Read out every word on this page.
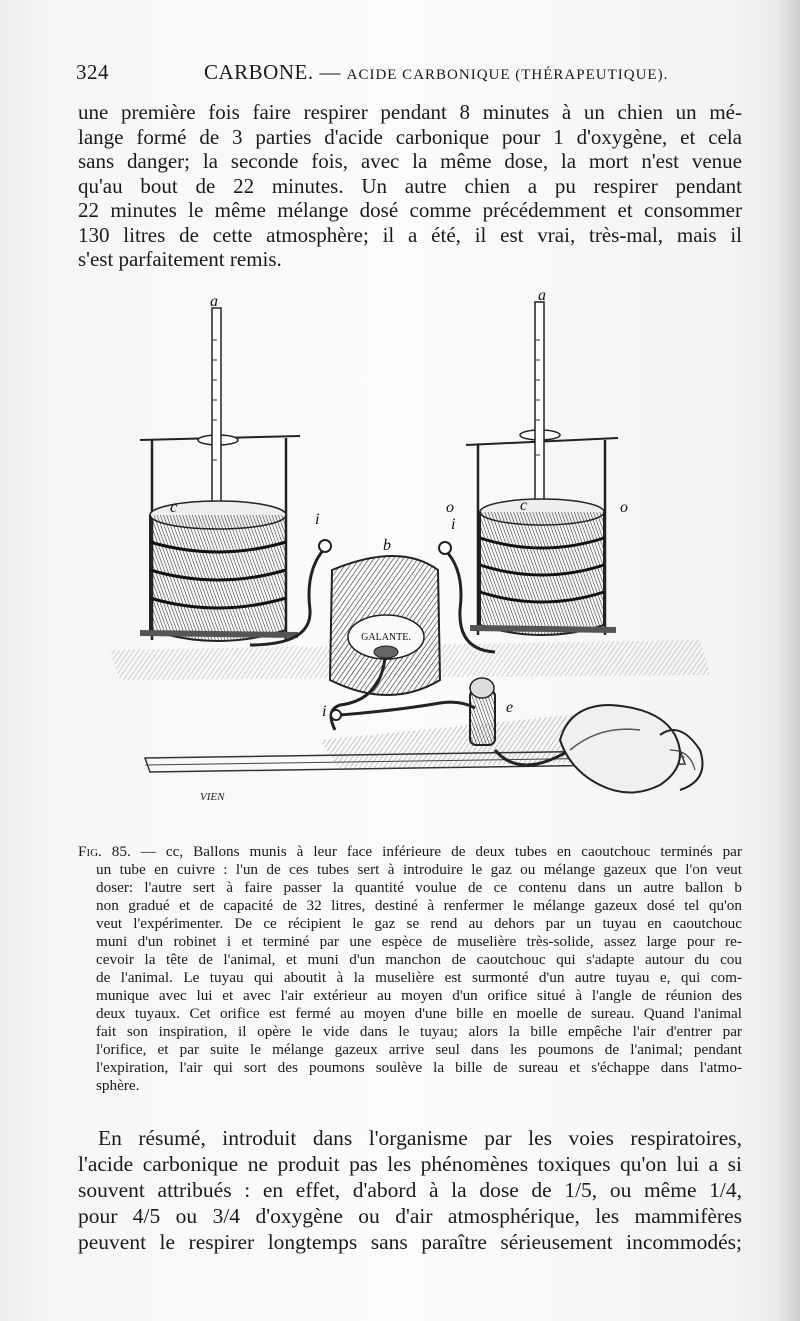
324	CARBONE. — ACIDE CARBONIQUE (THÉRAPEUTIQUE).
une première fois faire respirer pendant 8 minutes à un chien un mé-
lange formé de 3 parties d'acide carbonique pour 1 d'oxygène, et cela
sans danger; la seconde fois, avec la même dose, la mort n'est venue
qu'au bout de 22 minutes. Un autre chien a pu respirer pendant
22 minutes le même mélange dosé comme précédemment et consommer
130 litres de cette atmosphère; il a été, il est vrai, très-mal, mais il
s'est parfaitement remis.
a	a
c	c
o	o
i	i
i
b
e
GALANTE.
VIEN
Fig. 85. — cc, Ballons munis à leur face inférieure de deux tubes en caoutchouc terminés par
un tube en cuivre : l'un de ces tubes sert à introduire le gaz ou mélange gazeux que l'on veut
doser: l'autre sert à faire passer la quantité voulue de ce contenu dans un autre ballon b
non gradué et de capacité de 32 litres, destiné à renfermer le mélange gazeux dosé tel qu'on
veut l'expérimenter. De ce récipient le gaz se rend au dehors par un tuyau en caoutchouc
muni d'un robinet i et terminé par une espèce de muselière très-solide, assez large pour re-
cevoir la tête de l'animal, et muni d'un manchon de caoutchouc qui s'adapte autour du cou
de l'animal. Le tuyau qui aboutit à la muselière est surmonté d'un autre tuyau e, qui com-
munique avec lui et avec l'air extérieur au moyen d'un orifice situé à l'angle de réunion des
deux tuyaux. Cet orifice est fermé au moyen d'une bille en moelle de sureau. Quand l'animal
fait son inspiration, il opère le vide dans le tuyau; alors la bille empêche l'air d'entrer par
l'orifice, et par suite le mélange gazeux arrive seul dans les poumons de l'animal; pendant
l'expiration, l'air qui sort des poumons soulève la bille de sureau et s'échappe dans l'atmo-
sphère.
En résumé, introduit dans l'organisme par les voies respiratoires,
l'acide carbonique ne produit pas les phénomènes toxiques qu'on lui a si
souvent attribués : en effet, d'abord à la dose de 1/5, ou même 1/4,
pour 4/5 ou 3/4 d'oxygène ou d'air atmosphérique, les mammifères
peuvent le respirer longtemps sans paraître sérieusement incommodés;
